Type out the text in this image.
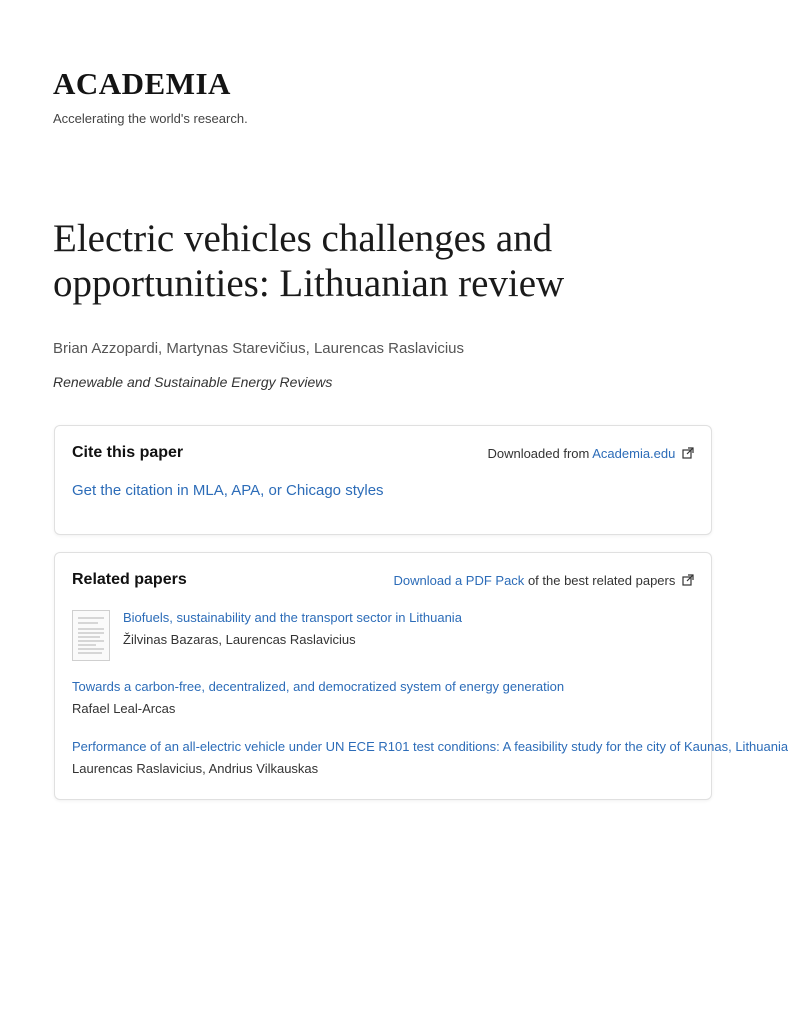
ACADEMIA
Accelerating the world's research.
Electric vehicles challenges and opportunities: Lithuanian review
Brian Azzopardi, Martynas Starevičius, Laurencas Raslavicius
Renewable and Sustainable Energy Reviews
Cite this paper	Downloaded from Academia.edu
Get the citation in MLA, APA, or Chicago styles
Related papers	Download a PDF Pack of the best related papers
Biofuels, sustainability and the transport sector in Lithuania
Žilvinas Bazaras, Laurencas Raslavicius
Towards a carbon-free, decentralized, and democratized system of energy generation
Rafael Leal-Arcas
Performance of an all-electric vehicle under UN ECE R101 test conditions: A feasibility study for the city of Kaunas, Lithuania
Laurencas Raslavicius, Andrius Vilkauskas
